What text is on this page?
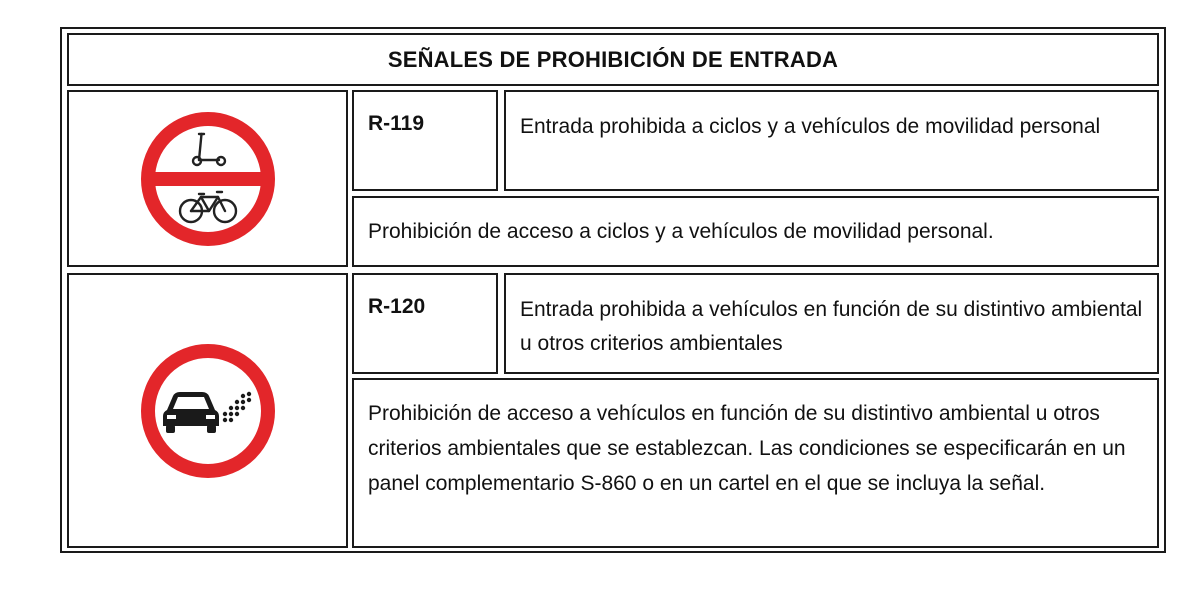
SEÑALES DE PROHIBICIÓN DE ENTRADA
R-119	Entrada prohibida a ciclos y a vehículos de movilidad personal
Prohibición de acceso a ciclos y a vehículos de movilidad personal.
R-120	Entrada prohibida a vehículos en función de su distintivo ambiental u otros criterios ambientales
Prohibición de acceso a vehículos en función de su distintivo ambiental u otros criterios ambientales que se establezcan. Las condiciones se especificarán en un panel complementario S-860 o en un cartel en el que se incluya la señal.
